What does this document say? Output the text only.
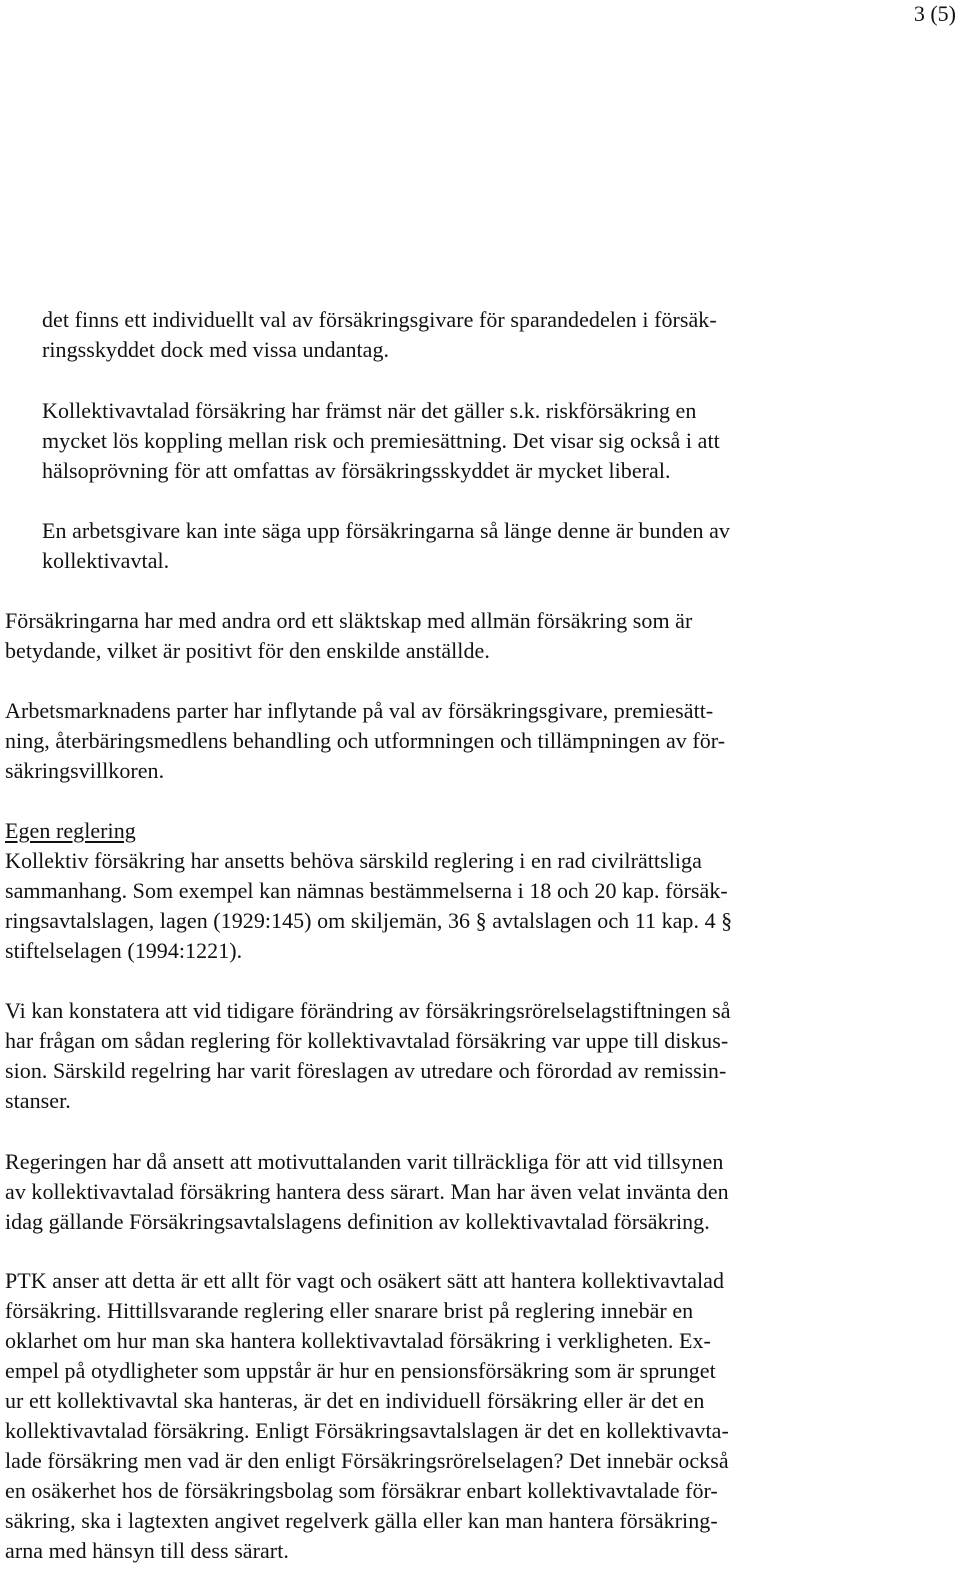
3 (5)
det finns ett individuellt val av försäkringsgivare för sparandedelen i försäk-
ringsskyddet dock med vissa undantag.
Kollektivavtalad försäkring har främst när det gäller s.k. riskförsäkring en
mycket lös koppling mellan risk och premiesättning. Det visar sig också i att
hälsoprövning för att omfattas av försäkringsskyddet är mycket liberal.
En arbetsgivare kan inte säga upp försäkringarna så länge denne är bunden av
kollektivavtal.
Försäkringarna har med andra ord ett släktskap med allmän försäkring som är
betydande, vilket är positivt för den enskilde anställde.
Arbetsmarknadens parter har inflytande på val av försäkringsgivare, premiesätt-
ning, återbäringsmedlens behandling och utformningen och tillämpningen av för-
säkringsvillkoren.
Egen reglering
Kollektiv försäkring har ansetts behöva särskild reglering i en rad civilrättsliga
sammanhang. Som exempel kan nämnas bestämmelserna i 18 och 20 kap. försäk-
ringsavtalslagen, lagen (1929:145) om skiljemän, 36 § avtalslagen och 11 kap. 4 §
stiftelselagen (1994:1221).
Vi kan konstatera att vid tidigare förändring av försäkringsrörelselagstiftningen så
har frågan om sådan reglering för kollektivavtalad försäkring var uppe till diskus-
sion. Särskild regelring har varit föreslagen av utredare och förordad av remissin-
stanser.
Regeringen har då ansett att motivuttalanden varit tillräckliga för att vid tillsynen
av kollektivavtalad försäkring hantera dess särart. Man har även velat invänta den
idag gällande Försäkringsavtalslagens definition av kollektivavtalad försäkring.
PTK anser att detta är ett allt för vagt och osäkert sätt att hantera kollektivavtalad
försäkring. Hittillsvarande reglering eller snarare brist på reglering innebär en
oklarhet om hur man ska hantera kollektivavtalad försäkring i verkligheten. Ex-
empel på otydligheter som uppstår är hur en pensionsförsäkring som är sprunget
ur ett kollektivavtal ska hanteras, är det en individuell försäkring eller är det en
kollektivavtalad försäkring. Enligt Försäkringsavtalslagen är det en kollektivavta-
lade försäkring men vad är den enligt Försäkringsrörelselagen? Det innebär också
en osäkerhet hos de försäkringsbolag som försäkrar enbart kollektivavtalade för-
säkring, ska i lagtexten angivet regelverk gälla eller kan man hantera försäkring-
arna med hänsyn till dess särart.
